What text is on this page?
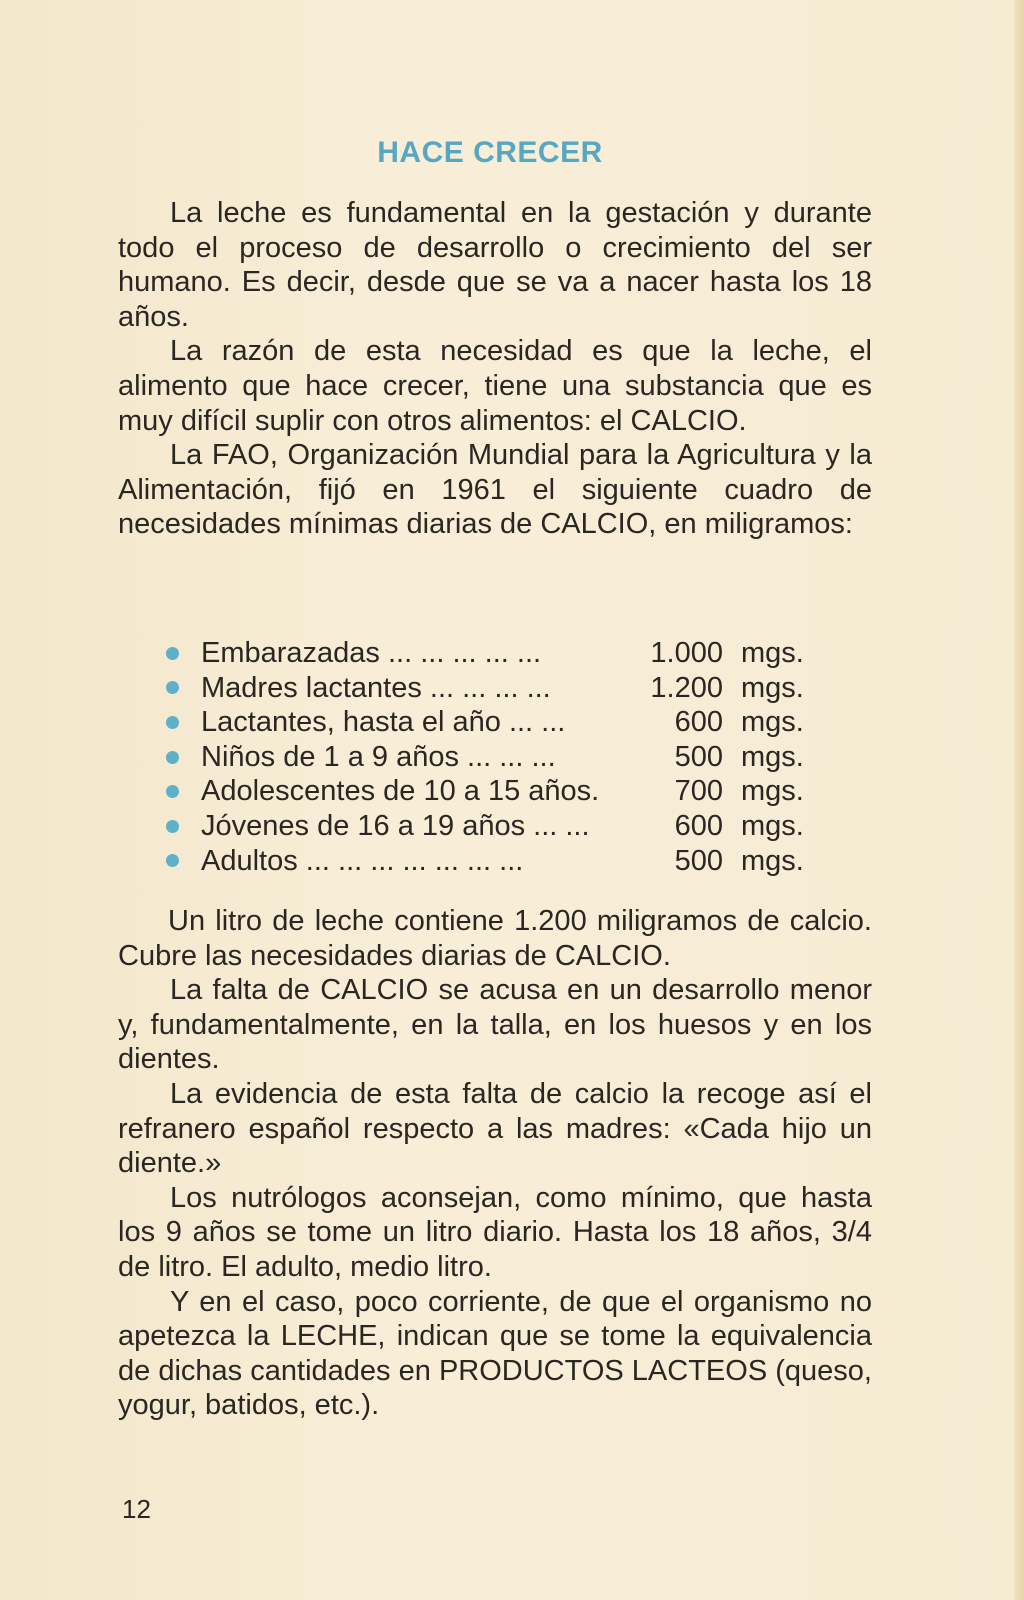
HACE CRECER

La leche es fundamental en la gestación y durante todo el proceso de desarrollo o crecimiento del ser humano. Es decir, desde que se va a nacer hasta los 18 años.

La razón de esta necesidad es que la leche, el alimento que hace crecer, tiene una substancia que es muy difícil suplir con otros alimentos: el CALCIO.

La FAO, Organización Mundial para la Agricultura y la Alimentación, fijó en 1961 el siguiente cuadro de necesidades mínimas diarias de CALCIO, en miligramos:

Embarazadas ... ... ... ... ...	1.000 mgs.
Madres lactantes ... ... ... ...	1.200 mgs.
Lactantes, hasta el año ... ...	600 mgs.
Niños de 1 a 9 años ... ... ...	500 mgs.
Adolescentes de 10 a 15 años.	700 mgs.
Jóvenes de 16 a 19 años ... ...	600 mgs.
Adultos ... ... ... ... ... ... ...	500 mgs.

Un litro de leche contiene 1.200 miligramos de calcio. Cubre las necesidades diarias de CALCIO.

La falta de CALCIO se acusa en un desarrollo menor y, fundamentalmente, en la talla, en los huesos y en los dientes.

La evidencia de esta falta de calcio la recoge así el refranero español respecto a las madres: «Cada hijo un diente.»

Los nutrólogos aconsejan, como mínimo, que hasta los 9 años se tome un litro diario. Hasta los 18 años, 3/4 de litro. El adulto, medio litro.

Y en el caso, poco corriente, de que el organismo no apetezca la LECHE, indican que se tome la equivalencia de dichas cantidades en PRODUCTOS LACTEOS (queso, yogur, batidos, etc.).

12
